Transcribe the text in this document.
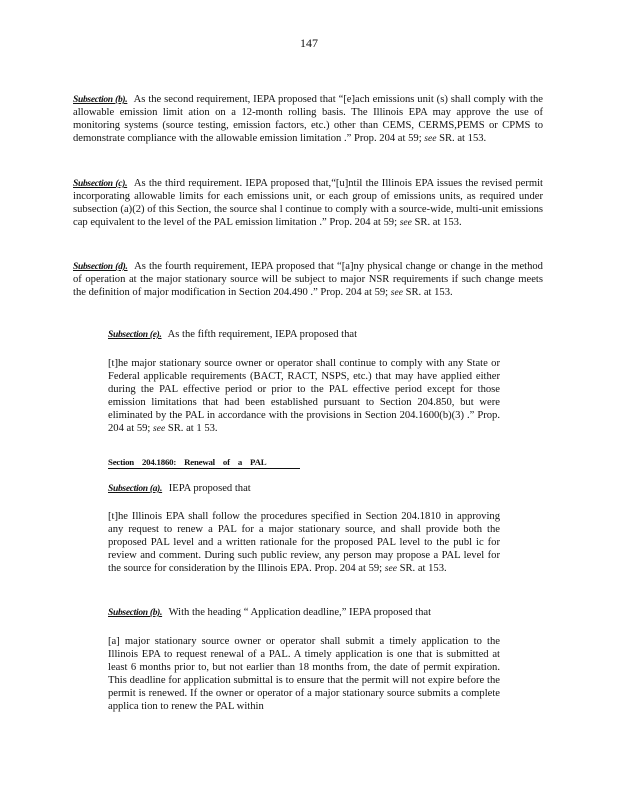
147

Subsection (b). As the second requirement, IEPA proposed that “[e]ach emissions unit (s) shall comply with the allowable emission limit ation on a 12-month rolling basis. The Illinois EPA may approve the use of monitoring systems (source testing, emission factors, etc.) other than CEMS, CERMS,PEMS or CPMS to demonstrate compliance with the allowable emission limitation .” Prop. 204 at 59; see SR. at 153.

Subsection (c). As the third requirement. IEPA proposed that,“[u]ntil the Illinois EPA issues the revised permit incorporating allowable limits for each emissions unit, or each group of emissions units, as required under subsection (a)(2) of this Section, the source shal l continue to comply with a source-wide, multi-unit emissions cap equivalent to the level of the PAL emission limitation .” Prop. 204 at 59; see SR. at 153.

Subsection (d). As the fourth requirement, IEPA proposed that “[a]ny physical change or change in the method of operation at the major stationary source will be subject to major NSR requirements if such change meets the definition of major modification in Section 204.490 .” Prop. 204 at 59; see SR. at 153.

Subsection (e). As the fifth requirement, IEPA proposed that

[t]he major stationary source owner or operator shall continue to comply with any State or Federal applicable requirements (BACT, RACT, NSPS, etc.) that may have applied either during the PAL effective period or prior to the PAL effective period except for those emission limitations that had been established pursuant to Section 204.850, but were eliminated by the PAL in accordance with the provisions in Section 204.1600(b)(3) .” Prop. 204 at 59; see SR. at 1 53.

Section 204.1860: Renewal of a PAL

Subsection (a). IEPA proposed that

[t]he Illinois EPA shall follow the procedures specified in Section 204.1810 in approving any request to renew a PAL for a major stationary source, and shall provide both the proposed PAL level and a written rationale for the proposed PAL level to the publ ic for review and comment. During such public review, any person may propose a PAL level for the source for consideration by the Illinois EPA. Prop. 204 at 59; see SR. at 153.

Subsection (b). With the heading “ Application deadline,” IEPA proposed that

[a] major stationary source owner or operator shall submit a timely application to the Illinois EPA to request renewal of a PAL. A timely application is one that is submitted at least 6 months prior to, but not earlier than 18 months from, the date of permit expiration. This deadline for application submittal is to ensure that the permit will not expire before the permit is renewed. If the owner or operator of a major stationary source submits a complete applica tion to renew the PAL within
